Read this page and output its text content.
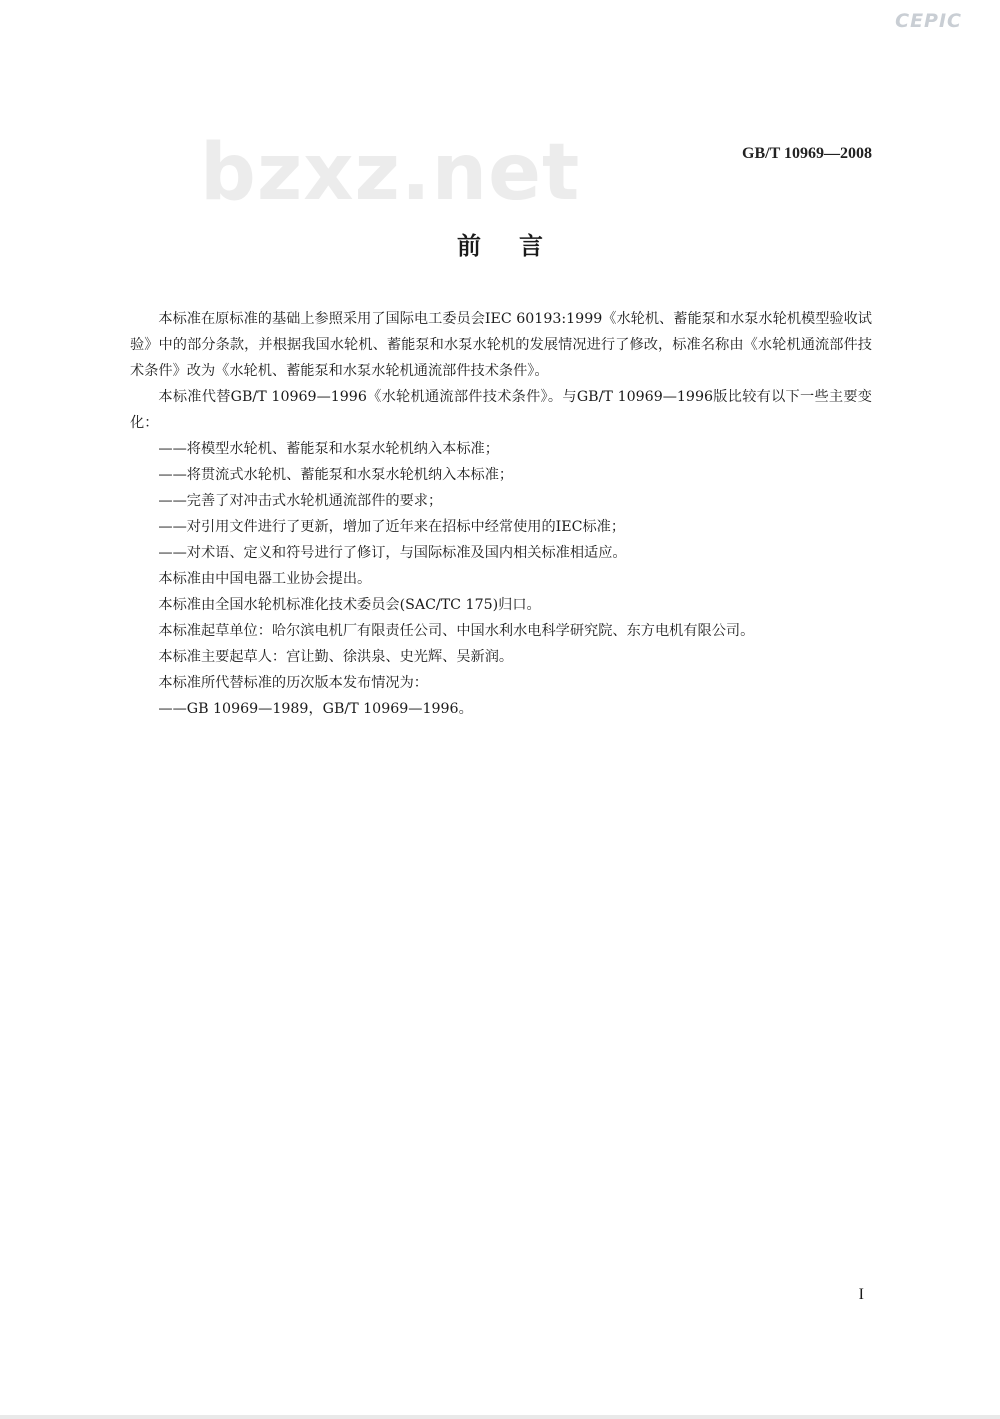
CEPIC
bzxz.net	GB/T 10969—2008
前言

本标准在原标准的基础上参照采用了国际电工委员会IEC 60193:1999《水轮机、蓄能泵和水泵水轮机模型验收试验》中的部分条款，并根据我国水轮机、蓄能泵和水泵水轮机的发展情况进行了修改，标准名称由《水轮机通流部件技术条件》改为《水轮机、蓄能泵和水泵水轮机通流部件技术条件》。

本标准代替GB/T 10969—1996《水轮机通流部件技术条件》。与GB/T 10969—1996版比较有以下一些主要变化：

——将模型水轮机、蓄能泵和水泵水轮机纳入本标准；

——将贯流式水轮机、蓄能泵和水泵水轮机纳入本标准；

——完善了对冲击式水轮机通流部件的要求；

——对引用文件进行了更新，增加了近年来在招标中经常使用的IEC标准；

——对术语、定义和符号进行了修订，与国际标准及国内相关标准相适应。

本标准由中国电器工业协会提出。

本标准由全国水轮机标准化技术委员会(SAC/TC 175)归口。

本标准起草单位：哈尔滨电机厂有限责任公司、中国水利水电科学研究院、东方电机有限公司。

本标准主要起草人：宫让勤、徐洪泉、史光辉、吴新润。

本标准所代替标准的历次版本发布情况为：

——GB 10969—1989，GB/T 10969—1996。

I
